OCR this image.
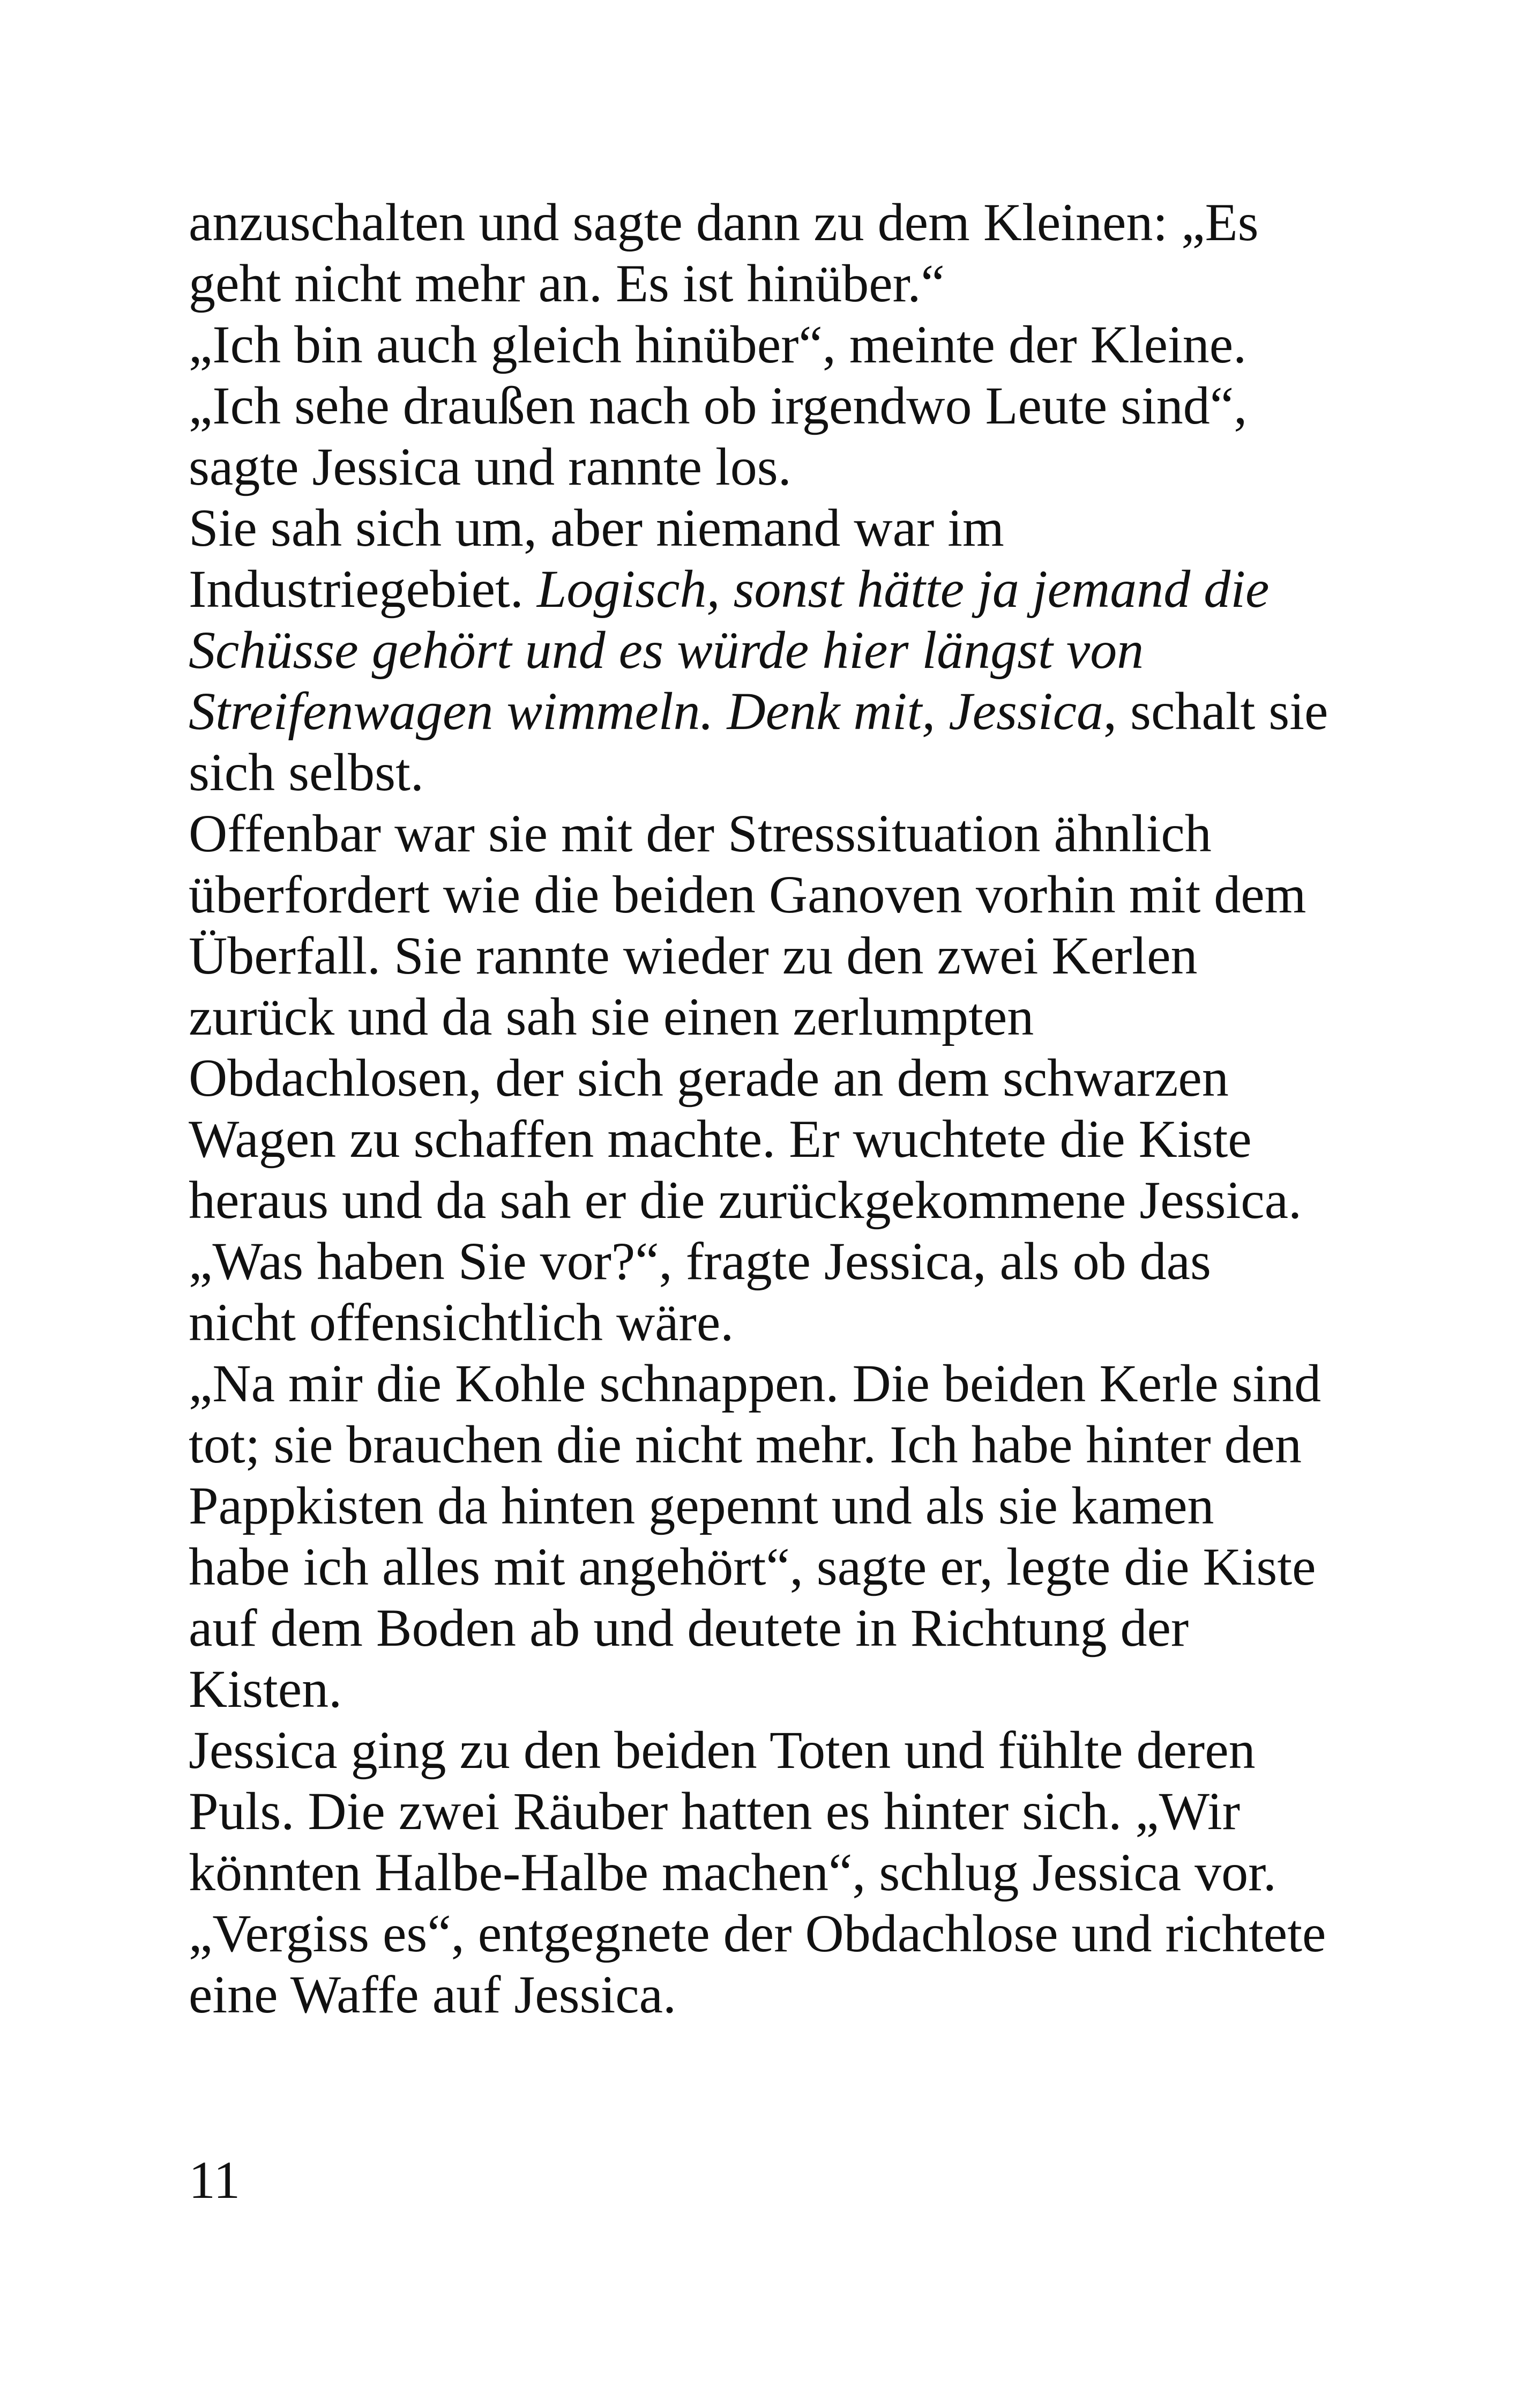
anzuschalten und sagte dann zu dem Kleinen: „Es
geht nicht mehr an. Es ist hinüber.“
„Ich bin auch gleich hinüber“, meinte der Kleine.
„Ich sehe draußen nach ob irgendwo Leute sind“,
sagte Jessica und rannte los.
Sie sah sich um, aber niemand war im
Industriegebiet. Logisch, sonst hätte ja jemand die
Schüsse gehört und es würde hier längst von
Streifenwagen wimmeln. Denk mit, Jessica, schalt sie
sich selbst.
Offenbar war sie mit der Stresssituation ähnlich
überfordert wie die beiden Ganoven vorhin mit dem
Überfall. Sie rannte wieder zu den zwei Kerlen
zurück und da sah sie einen zerlumpten
Obdachlosen, der sich gerade an dem schwarzen
Wagen zu schaffen machte. Er wuchtete die Kiste
heraus und da sah er die zurückgekommene Jessica.
„Was haben Sie vor?“, fragte Jessica, als ob das
nicht offensichtlich wäre.
„Na mir die Kohle schnappen. Die beiden Kerle sind
tot; sie brauchen die nicht mehr. Ich habe hinter den
Pappkisten da hinten gepennt und als sie kamen
habe ich alles mit angehört“, sagte er, legte die Kiste
auf dem Boden ab und deutete in Richtung der
Kisten.
Jessica ging zu den beiden Toten und fühlte deren
Puls. Die zwei Räuber hatten es hinter sich. „Wir
könnten Halbe-Halbe machen“, schlug Jessica vor.
„Vergiss es“, entgegnete der Obdachlose und richtete
eine Waffe auf Jessica.
11
